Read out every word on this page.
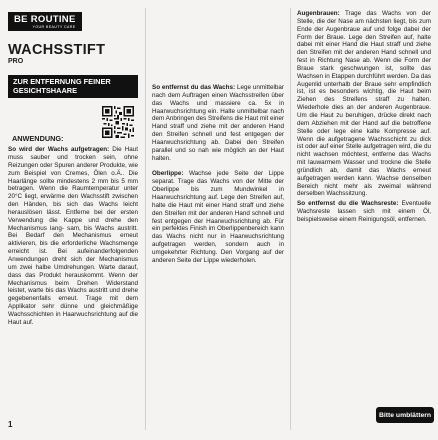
BE ROUTINE
YOUR BEAUTY CARE
WACHSSTIFT
PRO
ZUR ENTFERNUNG FEINER
GESICHTSHAARE
ANWENDUNG:

So wird der Wachs aufgetragen: Die Haut muss sauber und trocken sein, ohne Reizungen oder Spuren anderer Produkte, wie zum Beispiel von Cremes, Ölen o.Ä.. Die Haarlänge sollte mindestens 2 mm bis 5 mm betragen. Wenn die Raumtemperatur unter 20°C liegt, erwärme den Wachsstift zwischen den Händen, bis sich das Wachs leicht herauslösen lässt. Entferne bei der ersten Verwendung die Kappe und drehe den Mechanismus lang- sam, bis Wachs austritt. Bei Bedarf den Mechanismus erneut aktivieren, bis die erforderliche Wachsmenge erreicht ist. Bei aufeinanderfolgenden Anwendungen dreht sich der Mechanismus um zwei halbe Umdrehungen. Warte darauf, dass das Produkt herauskommt. Wenn der Mechanismus beim Drehen Widerstand leistet, warte bis das Wachs austritt und drehe gegebenenfalls erneut. Trage mit dem Applikator sehr dünne und gleichmäßige Wachsschichten in Haarwuchsrichtung auf die Haut auf.

So entfernst du das Wachs: Lege unmittelbar nach dem Auftragen einen Wachsstreifen über das Wachs und massiere ca. 5x in Haarwuchsrichtung ein. Halte unmittelbar nach dem Anbringen des Streifens die Haut mit einer Hand straff und ziehe mit der anderen Hand den Streifen schnell und fest entgegen der Haarwuchsrichtung ab. Dabei den Streifen parallel und so nah wie möglich an der Haut halten.

Oberlippe: Wachse jede Seite der Lippe separat. Trage das Wachs von der Mitte der Oberlippe bis zum Mundwinkel in Haarwuchsrichtung auf. Lege den Streifen auf, halte die Haut mit einer Hand straff und ziehe den Streifen mit der anderen Hand schnell und fest entgegen der Haarwuchsrichtung ab. Für ein perfektes Finish im Oberlippenbereich kann das Wachs nicht nur in Haarwuchsrichtung aufgetragen werden, sondern auch in umgekehrter Richtung. Den Vorgang auf der anderen Seite der Lippe wiederholen.

Augenbrauen: Trage das Wachs von der Stelle, die der Nase am nächsten liegt, bis zum Ende der Augenbraue auf und folge dabei der Form der Braue. Lege den Streifen auf, halte dabei mit einer Hand die Haut straff und ziehe den Streifen mit der anderen Hand schnell und fest in Richtung Nase ab. Wenn die Form der Braue stark geschwungen ist, sollte das Wachsen in Etappen durchführt werden. Da das Augenlid unterhalb der Braue sehr empfindlich ist, ist es besonders wichtig, die Haut beim Ziehen des Streifens straff zu halten. Wiederhole dies an der anderen Augenbraue. Um die Haut zu beruhigen, drücke direkt nach dem Abziehen mit der Hand auf die betroffene Stelle oder lege eine kalte Kompresse auf. Wenn die aufgetragene Wachsschicht zu dick ist oder auf einer Stelle aufgetragen wird, die du nicht wachsen möchtest, entferne das Wachs mit lauwarmem Wasser und trockne die Stelle gründlich ab, damit das Wachs erneut aufgetragen werden kann. Wachse denselben Bereich nicht mehr als zweimal während derselben Wachssitzung.

So entfernst du die Wachsreste: Eventuelle Wachsreste lassen sich mit einem Öl, beispielsweise einem Reinigungsöl, entfernen.

1
Bitte umblättern
